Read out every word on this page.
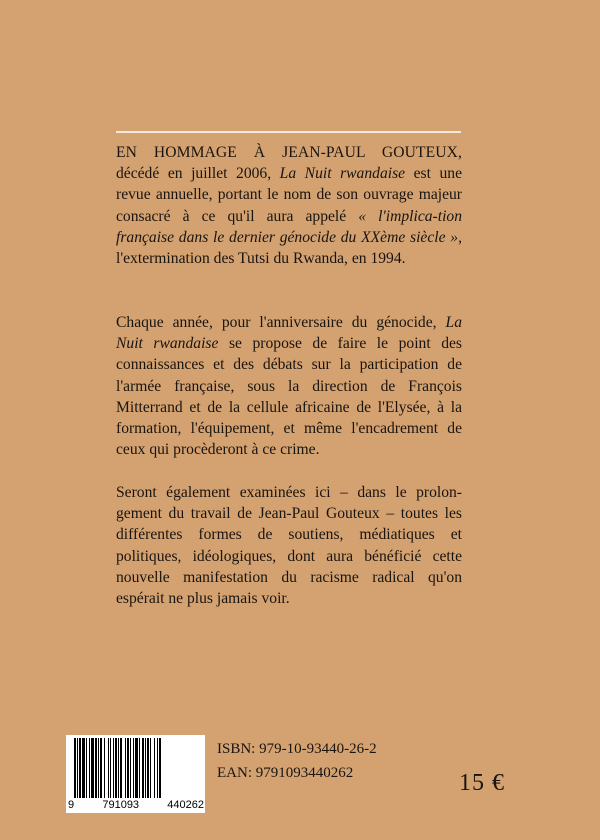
EN HOMMAGE À JEAN-PAUL GOUTEUX,
décédé en juillet 2006, La Nuit rwandaise est une revue annuelle, portant le nom de son ouvrage majeur consacré à ce qu'il aura appelé « l'implica-tion française dans le dernier génocide du XXème siècle », l'extermination des Tutsi du Rwanda, en 1994.
Chaque année, pour l'anniversaire du génocide, La Nuit rwandaise se propose de faire le point des connaissances et des débats sur la participation de l'armée française, sous la direction de François Mitterrand et de la cellule africaine de l'Elysée, à la formation, l'équipement, et même l'encadrement de ceux qui procèderont à ce crime.
Seront également examinées ici – dans le prolon-gement du travail de Jean-Paul Gouteux – toutes les différentes formes de soutiens, médiatiques et politiques, idéologiques, dont aura bénéficié cette nouvelle manifestation du racisme radical qu'on espérait ne plus jamais voir.
9	791093	440262
ISBN: 979-10-93440-26-2
EAN: 9791093440262	15 €
